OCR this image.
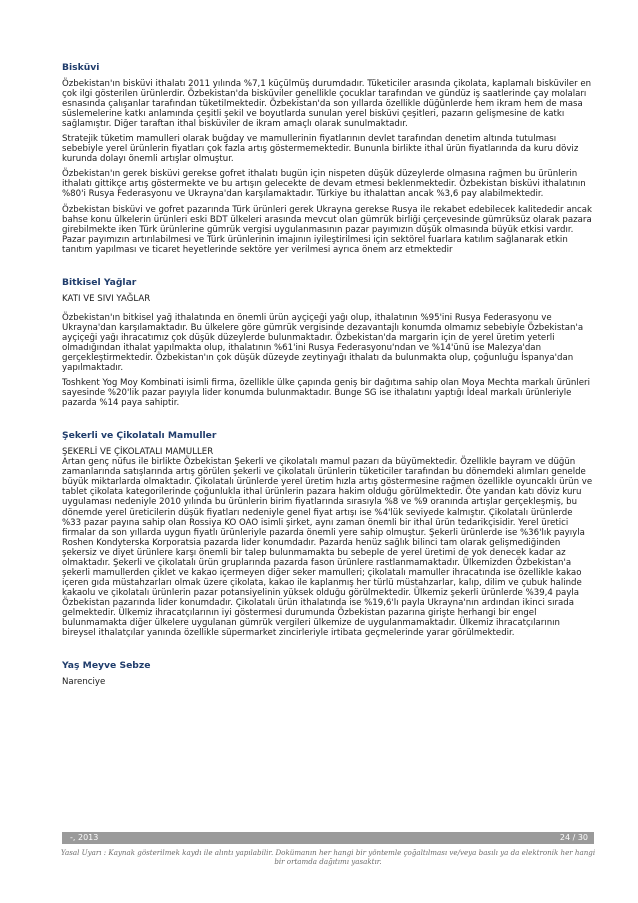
Bisküvi

Özbekistan'ın bisküvi ithalatı 2011 yılında %7,1 küçülmüş durumdadır. Tüketiciler arasında çikolata, kaplamalı bisküviler en çok ilgi gösterilen ürünlerdir. Özbekistan'da bisküviler genellikle çocuklar tarafından ve gündüz iş saatlerinde çay molaları esnasında çalışanlar tarafından tüketilmektedir. Özbekistan'da son yıllarda özellikle düğünlerde hem ikram hem de masa süslemelerine katkı anlamında çeşitli şekil ve boyutlarda sunulan yerel bisküvi çeşitleri, pazarın gelişmesine de katkı sağlamıştır. Diğer taraftan ithal bisküviler de ikram amaçlı olarak sunulmaktadır.

Stratejik tüketim mamulleri olarak buğday ve mamullerinin fiyatlarının devlet tarafından denetim altında tutulması sebebiyle yerel ürünlerin fiyatları çok fazla artış göstermemektedir. Bununla birlikte ithal ürün fiyatlarında da kuru döviz kurunda dolayı önemli artışlar olmuştur.

Özbekistan'ın gerek bisküvi gerekse gofret ithalatı bugün için nispeten düşük düzeylerde olmasına rağmen bu ürünlerin ithalatı gittikçe artış göstermekte ve bu artışın gelecekte de devam etmesi beklenmektedir. Özbekistan bisküvi ithalatının %80'i Rusya Federasyonu ve Ukrayna'dan karşılamaktadır. Türkiye bu ithalattan ancak %3,6 pay alabilmektedir.

Özbekistan bisküvi ve gofret pazarında Türk ürünleri gerek Ukrayna gerekse Rusya ile rekabet edebilecek kalitededir ancak bahse konu ülkelerin ürünleri eski BDT ülkeleri arasında mevcut olan gümrük birliği çerçevesinde gümrüksüz olarak pazara girebilmekte iken Türk ürünlerine gümrük vergisi uygulanmasının pazar payımızın düşük olmasında büyük etkisi vardır. Pazar payımızın artırılabilmesi ve Türk ürünlerinin imajının iyileştirilmesi için sektörel fuarlara katılım sağlanarak etkin tanıtım yapılması ve ticaret heyetlerinde sektöre yer verilmesi ayrıca önem arz etmektedir

Bitkisel Yağlar

KATI VE SIVI YAĞLAR

Özbekistan'ın bitkisel yağ ithalatında en önemli ürün ayçiçeği yağı olup, ithalatının %95'ini Rusya Federasyonu ve Ukrayna'dan karşılamaktadır. Bu ülkelere göre gümrük vergisinde dezavantajlı konumda olmamız sebebiyle Özbekistan'a ayçiçeği yağı ihracatımız çok düşük düzeylerde bulunmaktadır. Özbekistan'da margarin için de yerel üretim yeterli olmadığından ithalat yapılmakta olup, ithalatının %61'ini Rusya Federasyonu'ndan ve %14'ünü ise Malezya'dan gerçekleştirmektedir. Özbekistan'ın çok düşük düzeyde zeytinyağı ithalatı da bulunmakta olup, çoğunluğu İspanya'dan yapılmaktadır.

Toshkent Yog Moy Kombinati isimli firma, özellikle ülke çapında geniş bir dağıtıma sahip olan Moya Mechta markalı ürünleri sayesinde %20'lik pazar payıyla lider konumda bulunmaktadır. Bunge SG ise ithalatını yaptığı İdeal markalı ürünleriyle pazarda %14 paya sahiptir.

Şekerli ve Çikolatalı Mamuller

ŞEKERLİ VE ÇİKOLATALI MAMULLER

Artan genç nüfus ile birlikte Özbekistan Şekerli ve çikolatalı mamul pazarı da büyümektedir. Özellikle bayram ve düğün zamanlarında satışlarında artış görülen şekerli ve çikolatalı ürünlerin tüketiciler tarafından bu dönemdeki alımları genelde büyük miktarlarda olmaktadır. Çikolatalı ürünlerde yerel üretim hızla artış göstermesine rağmen özellikle oyuncaklı ürün ve tablet çikolata kategorilerinde çoğunlukla ithal ürünlerin pazara hakim olduğu görülmektedir. Öte yandan katı döviz kuru uygulaması nedeniyle 2010 yılında bu ürünlerin birim fiyatlarında sırasıyla %8 ve %9 oranında artışlar gerçekleşmiş, bu dönemde yerel üreticilerin düşük fiyatları nedeniyle genel fiyat artışı ise %4'lük seviyede kalmıştır. Çikolatalı ürünlerde %33 pazar payına sahip olan Rossiya KO OAO isimli şirket, aynı zaman önemli bir ithal ürün tedarikçisidir. Yerel üretici firmalar da son yıllarda uygun fiyatlı ürünleriyle pazarda önemli yere sahip olmuştur. Şekerli ürünlerde ise %36'lık payıyla Roshen Kondyterska Korporatsia pazarda lider konumdadır. Pazarda henüz sağlık bilinci tam olarak gelişmediğinden şekersiz ve diyet ürünlere karşı önemli bir talep bulunmamakta bu sebeple de yerel üretimi de yok denecek kadar az olmaktadır. Şekerli ve çikolatalı ürün gruplarında pazarda fason ürünlere rastlanmamaktadır. Ülkemizden Özbekistan'a şekerli mamullerden çiklet ve kakao içermeyen diğer seker mamulleri; çikolatalı mamuller ihracatında ise özellikle kakao içeren gıda müstahzarları olmak üzere çikolata, kakao ile kaplanmış her türlü müstahzarlar, kalıp, dilim ve çubuk halinde kakaolu ve çikolatalı ürünlerin pazar potansiyelinin yüksek olduğu görülmektedir. Ülkemiz şekerli ürünlerde %39,4 payla Özbekistan pazarında lider konumdadır. Çikolatalı ürün ithalatında ise %19,6'lı payla Ukrayna'nın ardından ikinci sırada gelmektedir. Ülkemiz ihracatçılarının iyi göstermesi durumunda Özbekistan pazarına girişte herhangi bir engel bulunmamakta diğer ülkelere uygulanan gümrük vergileri ülkemize de uygulanmamaktadır. Ülkemiz ihracatçılarının bireysel ithalatçılar yanında özellikle süpermarket zincirleriyle irtibata geçmelerinde yarar görülmektedir.

Yaş Meyve Sebze

Narenciye

-, 2013	24 / 30
Yasal Uyarı : Kaynak gösterilmek kaydı ile alıntı yapılabilir. Dokümanın her hangi bir yöntemle çoğaltılması ve/veya basılı ya da elektronik her hangi bir ortamda dağıtımı yasaktır.
